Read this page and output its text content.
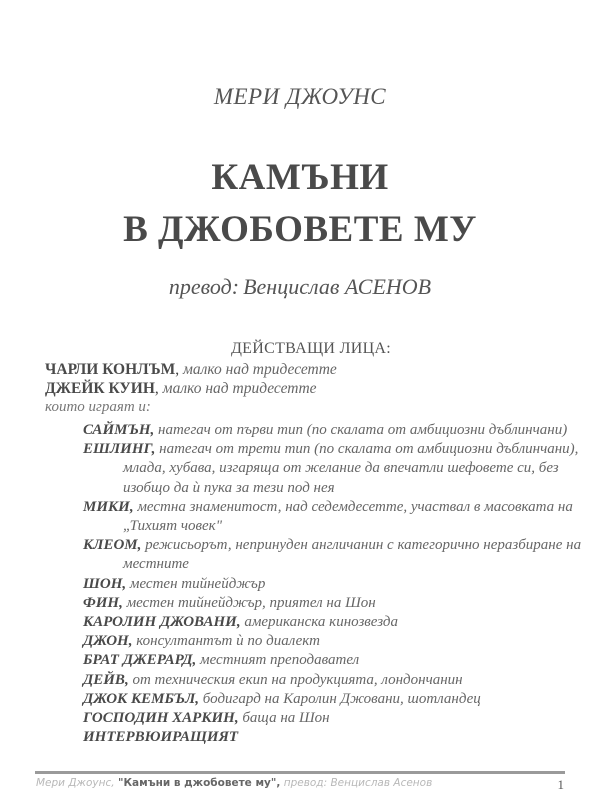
МЕРИ ДЖОУНС
КАМЪНИ
В ДЖОБОВЕТЕ МУ
превод: Венцислав АСЕНОВ
ДЕЙСТВАЩИ ЛИЦА:
ЧАРЛИ КОНЛЪМ, малко над тридесетте
ДЖЕЙК КУИН, малко над тридесетте
които играят и:
САЙМЪН, натегач от първи тип (по скалата от амбициозни дъблинчани)
ЕШЛИНГ, натегач от трети тип (по скалата от амбициозни дъблинчани), млада, хубава, изгаряща от желание да впечатли шефовете си, без изобщо да ѝ пука за тези под нея
МИКИ, местна знаменитост, над седемдесетте, участвал в масовката на „Тихият човек"
КЛЕОМ, режисьорът, непринуден англичанин с категорично неразбиране на местните
ШОН, местен тийнейджър
ФИН, местен тийнейджър, приятел на Шон
КАРОЛИН ДЖОВАНИ, американска кинозвезда
ДЖОН, консултантът ѝ по диалект
БРАТ ДЖЕРАРД, местният преподавател
ДЕЙВ, от техническия екип на продукцията, лондончанин
ДЖОК КЕМБЪЛ, бодигард на Каролин Джовани, шотландец
ГОСПОДИН ХАРКИН, баща на Шон
ИНТЕРВЮИРАЩИЯТ
Мери Джоунс, "Камъни в джобовете му", превод: Венцислав Асенов	1
